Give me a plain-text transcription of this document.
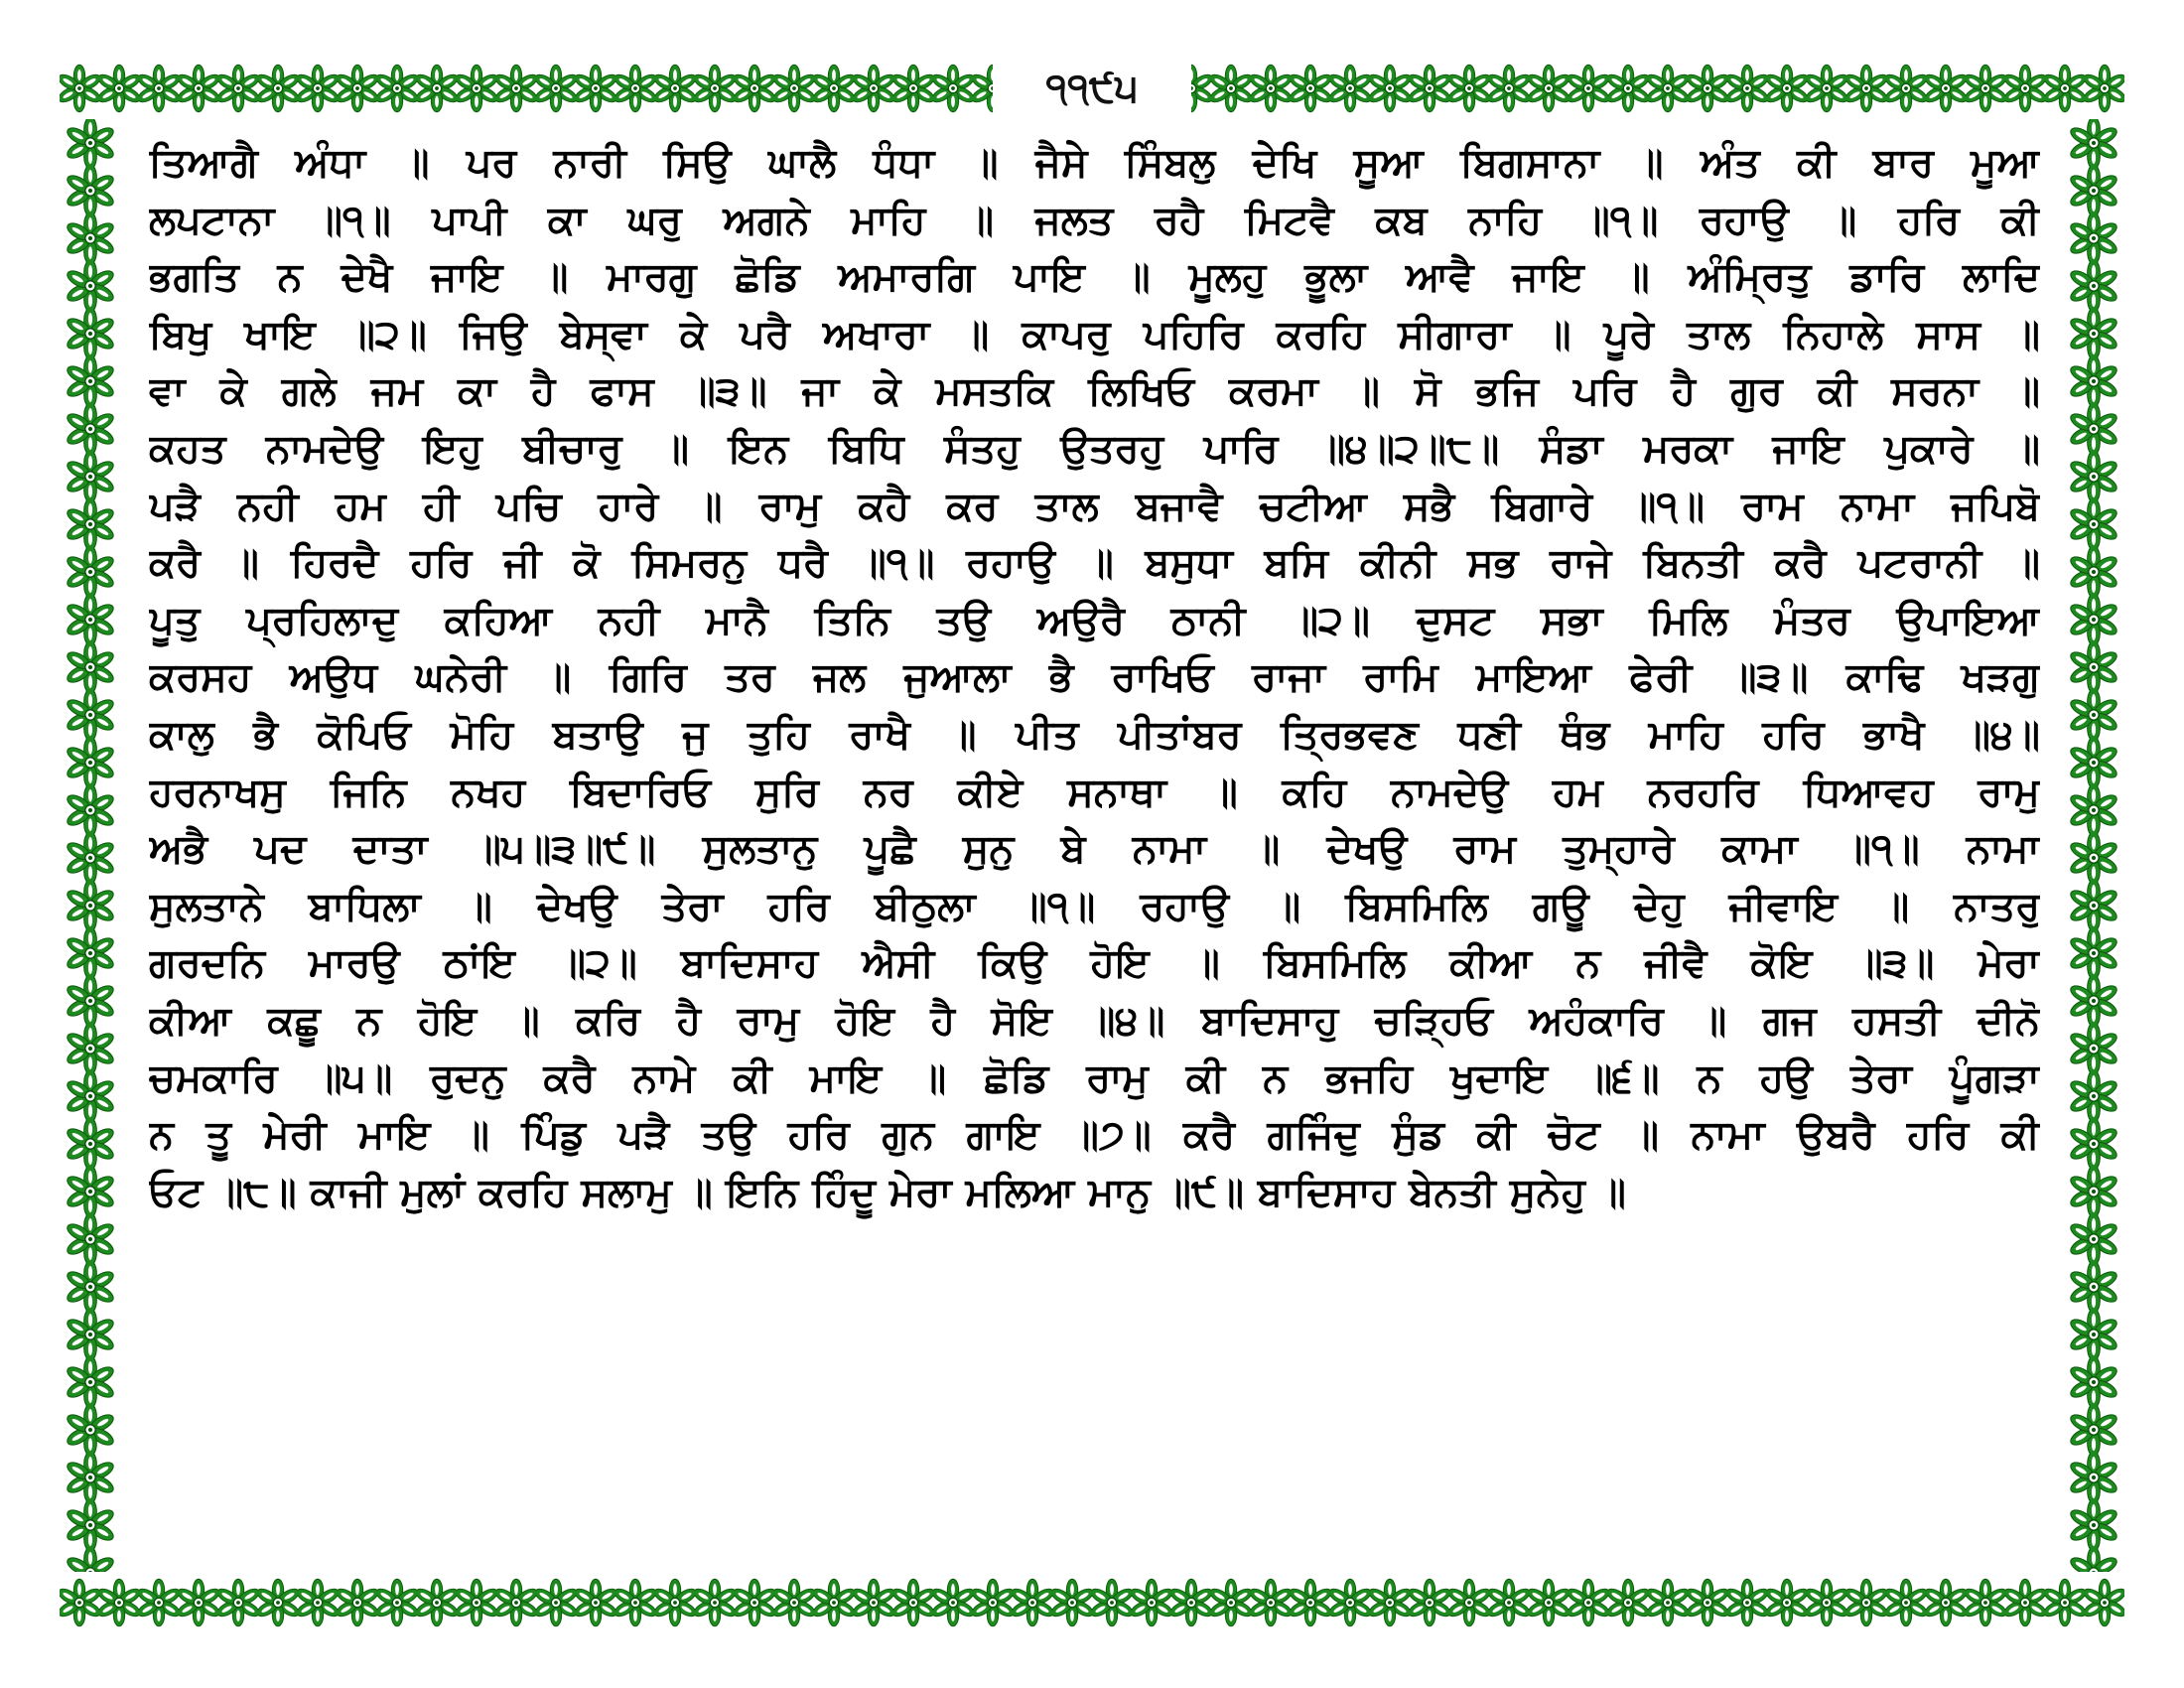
੧੧੯੫
ਤਿਆਗੈ ਅੰਧਾ ॥ ਪਰ ਨਾਰੀ ਸਿਉ ਘਾਲੈ ਧੰਧਾ ॥ ਜੈਸੇ ਸਿੰਬਲੁ ਦੇਖਿ ਸੂਆ ਬਿਗਸਾਨਾ ॥ ਅੰਤ ਕੀ ਬਾਰ ਮੂਆ
ਲਪਟਾਨਾ ॥੧॥ ਪਾਪੀ ਕਾ ਘਰੁ ਅਗਨੇ ਮਾਹਿ ॥ ਜਲਤ ਰਹੈ ਮਿਟਵੈ ਕਬ ਨਾਹਿ ॥੧॥ ਰਹਾਉ ॥ ਹਰਿ ਕੀ
ਭਗਤਿ ਨ ਦੇਖੈ ਜਾਇ ॥ ਮਾਰਗੁ ਛੋਡਿ ਅਮਾਰਗਿ ਪਾਇ ॥ ਮੂਲਹੁ ਭੂਲਾ ਆਵੈ ਜਾਇ ॥ ਅੰਮ੍ਰਿਤੁ ਡਾਰਿ ਲਾਦਿ
ਬਿਖੁ ਖਾਇ ॥੨॥ ਜਿਉ ਬੇਸ੍ਵਾ ਕੇ ਪਰੈ ਅਖਾਰਾ ॥ ਕਾਪਰੁ ਪਹਿਰਿ ਕਰਹਿ ਸੀਗਾਰਾ ॥ ਪੂਰੇ ਤਾਲ ਨਿਹਾਲੇ ਸਾਸ ॥
ਵਾ ਕੇ ਗਲੇ ਜਮ ਕਾ ਹੈ ਫਾਸ ॥੩॥ ਜਾ ਕੇ ਮਸਤਕਿ ਲਿਖਿਓ ਕਰਮਾ ॥ ਸੋ ਭਜਿ ਪਰਿ ਹੈ ਗੁਰ ਕੀ ਸਰਨਾ ॥
ਕਹਤ ਨਾਮਦੇਉ ਇਹੁ ਬੀਚਾਰੁ ॥ ਇਨ ਬਿਧਿ ਸੰਤਹੁ ਉਤਰਹੁ ਪਾਰਿ ॥੪॥੨॥੮॥ ਸੰਡਾ ਮਰਕਾ ਜਾਇ ਪੁਕਾਰੇ ॥
ਪੜੈ ਨਹੀ ਹਮ ਹੀ ਪਚਿ ਹਾਰੇ ॥ ਰਾਮੁ ਕਹੈ ਕਰ ਤਾਲ ਬਜਾਵੈ ਚਟੀਆ ਸਭੈ ਬਿਗਾਰੇ ॥੧॥ ਰਾਮ ਨਾਮਾ ਜਪਿਬੋ
ਕਰੈ ॥ ਹਿਰਦੈ ਹਰਿ ਜੀ ਕੋ ਸਿਮਰਨੁ ਧਰੈ ॥੧॥ ਰਹਾਉ ॥ ਬਸੁਧਾ ਬਸਿ ਕੀਨੀ ਸਭ ਰਾਜੇ ਬਿਨਤੀ ਕਰੈ ਪਟਰਾਨੀ ॥
ਪੂਤੁ ਪ੍ਰਹਿਲਾਦੁ ਕਹਿਆ ਨਹੀ ਮਾਨੈ ਤਿਨਿ ਤਉ ਅਉਰੈ ਠਾਨੀ ॥੨॥ ਦੁਸਟ ਸਭਾ ਮਿਲਿ ਮੰਤਰ ਉਪਾਇਆ
ਕਰਸਹ ਅਉਧ ਘਨੇਰੀ ॥ ਗਿਰਿ ਤਰ ਜਲ ਜੁਆਲਾ ਭੈ ਰਾਖਿਓ ਰਾਜਾ ਰਾਮਿ ਮਾਇਆ ਫੇਰੀ ॥੩॥ ਕਾਢਿ ਖੜਗੁ
ਕਾਲੁ ਭੈ ਕੋਪਿਓ ਮੋਹਿ ਬਤਾਉ ਜੁ ਤੁਹਿ ਰਾਖੈ ॥ ਪੀਤ ਪੀਤਾਂਬਰ ਤ੍ਰਿਭਵਣ ਧਣੀ ਥੰਭ ਮਾਹਿ ਹਰਿ ਭਾਖੈ ॥੪॥
ਹਰਨਾਖਸੁ ਜਿਨਿ ਨਖਹ ਬਿਦਾਰਿਓ ਸੁਰਿ ਨਰ ਕੀਏ ਸਨਾਥਾ ॥ ਕਹਿ ਨਾਮਦੇਉ ਹਮ ਨਰਹਰਿ ਧਿਆਵਹ ਰਾਮੁ
ਅਭੈ ਪਦ ਦਾਤਾ ॥੫॥੩॥੯॥ ਸੁਲਤਾਨੁ ਪੂਛੈ ਸੁਨੁ ਬੇ ਨਾਮਾ ॥ ਦੇਖਉ ਰਾਮ ਤੁਮ੍ਹਾਰੇ ਕਾਮਾ ॥੧॥ ਨਾਮਾ
ਸੁਲਤਾਨੇ ਬਾਧਿਲਾ ॥ ਦੇਖਉ ਤੇਰਾ ਹਰਿ ਬੀਠੁਲਾ ॥੧॥ ਰਹਾਉ ॥ ਬਿਸਮਿਲਿ ਗਊ ਦੇਹੁ ਜੀਵਾਇ ॥ ਨਾਤਰੁ
ਗਰਦਨਿ ਮਾਰਉ ਠਾਂਇ ॥੨॥ ਬਾਦਿਸਾਹ ਐਸੀ ਕਿਉ ਹੋਇ ॥ ਬਿਸਮਿਲਿ ਕੀਆ ਨ ਜੀਵੈ ਕੋਇ ॥੩॥ ਮੇਰਾ
ਕੀਆ ਕਛੂ ਨ ਹੋਇ ॥ ਕਰਿ ਹੈ ਰਾਮੁ ਹੋਇ ਹੈ ਸੋਇ ॥੪॥ ਬਾਦਿਸਾਹੁ ਚੜ੍ਹਿਓ ਅਹੰਕਾਰਿ ॥ ਗਜ ਹਸਤੀ ਦੀਨੋ
ਚਮਕਾਰਿ ॥੫॥ ਰੁਦਨੁ ਕਰੈ ਨਾਮੇ ਕੀ ਮਾਇ ॥ ਛੋਡਿ ਰਾਮੁ ਕੀ ਨ ਭਜਹਿ ਖੁਦਾਇ ॥੬॥ ਨ ਹਉ ਤੇਰਾ ਪੂੰਗੜਾ
ਨ ਤੂ ਮੇਰੀ ਮਾਇ ॥ ਪਿੰਡੁ ਪੜੈ ਤਉ ਹਰਿ ਗੁਨ ਗਾਇ ॥੭॥ ਕਰੈ ਗਜਿੰਦੁ ਸੁੰਡ ਕੀ ਚੋਟ ॥ ਨਾਮਾ ਉਬਰੈ ਹਰਿ ਕੀ
ਓਟ ॥੮॥ ਕਾਜੀ ਮੁਲਾਂ ਕਰਹਿ ਸਲਾਮੁ ॥ ਇਨਿ ਹਿੰਦੂ ਮੇਰਾ ਮਲਿਆ ਮਾਨੁ ॥੯॥ ਬਾਦਿਸਾਹ ਬੇਨਤੀ ਸੁਨੇਹੁ ॥
